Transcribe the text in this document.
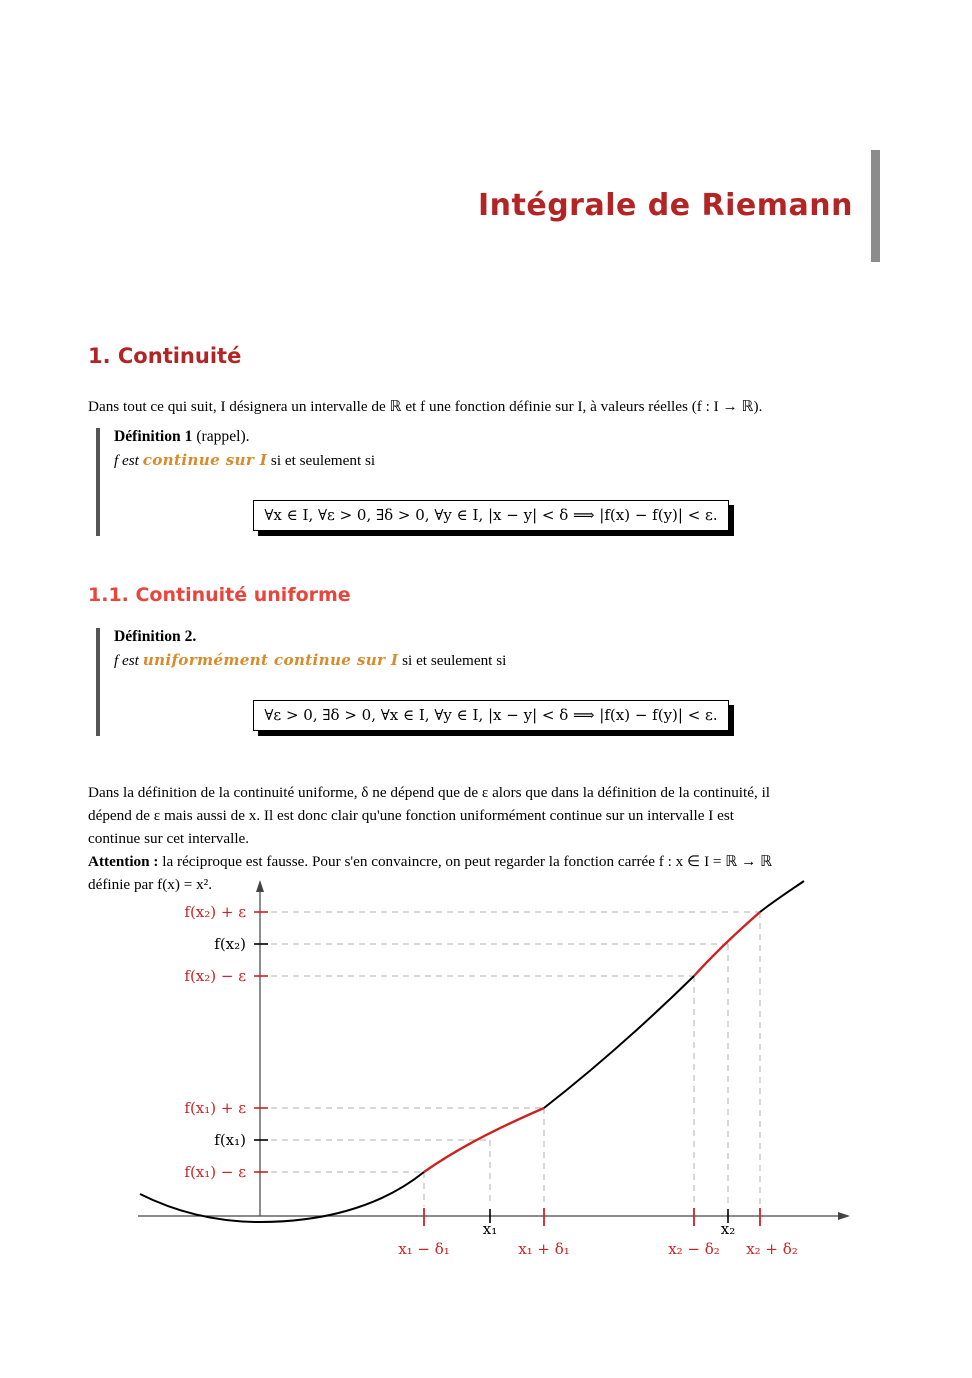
Intégrale de Riemann
1. Continuité
Dans tout ce qui suit, I désignera un intervalle de ℝ et f une fonction définie sur I, à valeurs réelles (f : I → ℝ).
Définition 1 (rappel).
f est continue sur I si et seulement si
∀x ∈ I, ∀ε > 0, ∃δ > 0, ∀y ∈ I, |x − y| < δ ⟹ |f(x) − f(y)| < ε.
1.1. Continuité uniforme
Définition 2.
f est uniformément continue sur I si et seulement si
∀ε > 0, ∃δ > 0, ∀x ∈ I, ∀y ∈ I, |x − y| < δ ⟹ |f(x) − f(y)| < ε.
Dans la définition de la continuité uniforme, δ ne dépend que de ε alors que dans la définition de la continuité, il
dépend de ε mais aussi de x. Il est donc clair qu'une fonction uniformément continue sur un intervalle I est
continue sur cet intervalle.
Attention : la réciproque est fausse. Pour s'en convaincre, on peut regarder la fonction carrée f : x ∈ I = ℝ → ℝ
définie par f(x) = x².
f(x₂) + ε
f(x₂)
f(x₂) − ε
f(x₁) + ε
f(x₁)
f(x₁) − ε
x₁ − δ₁
x₁
x₁ + δ₁	x₂ − δ₂
x₂
x₂ + δ₂
